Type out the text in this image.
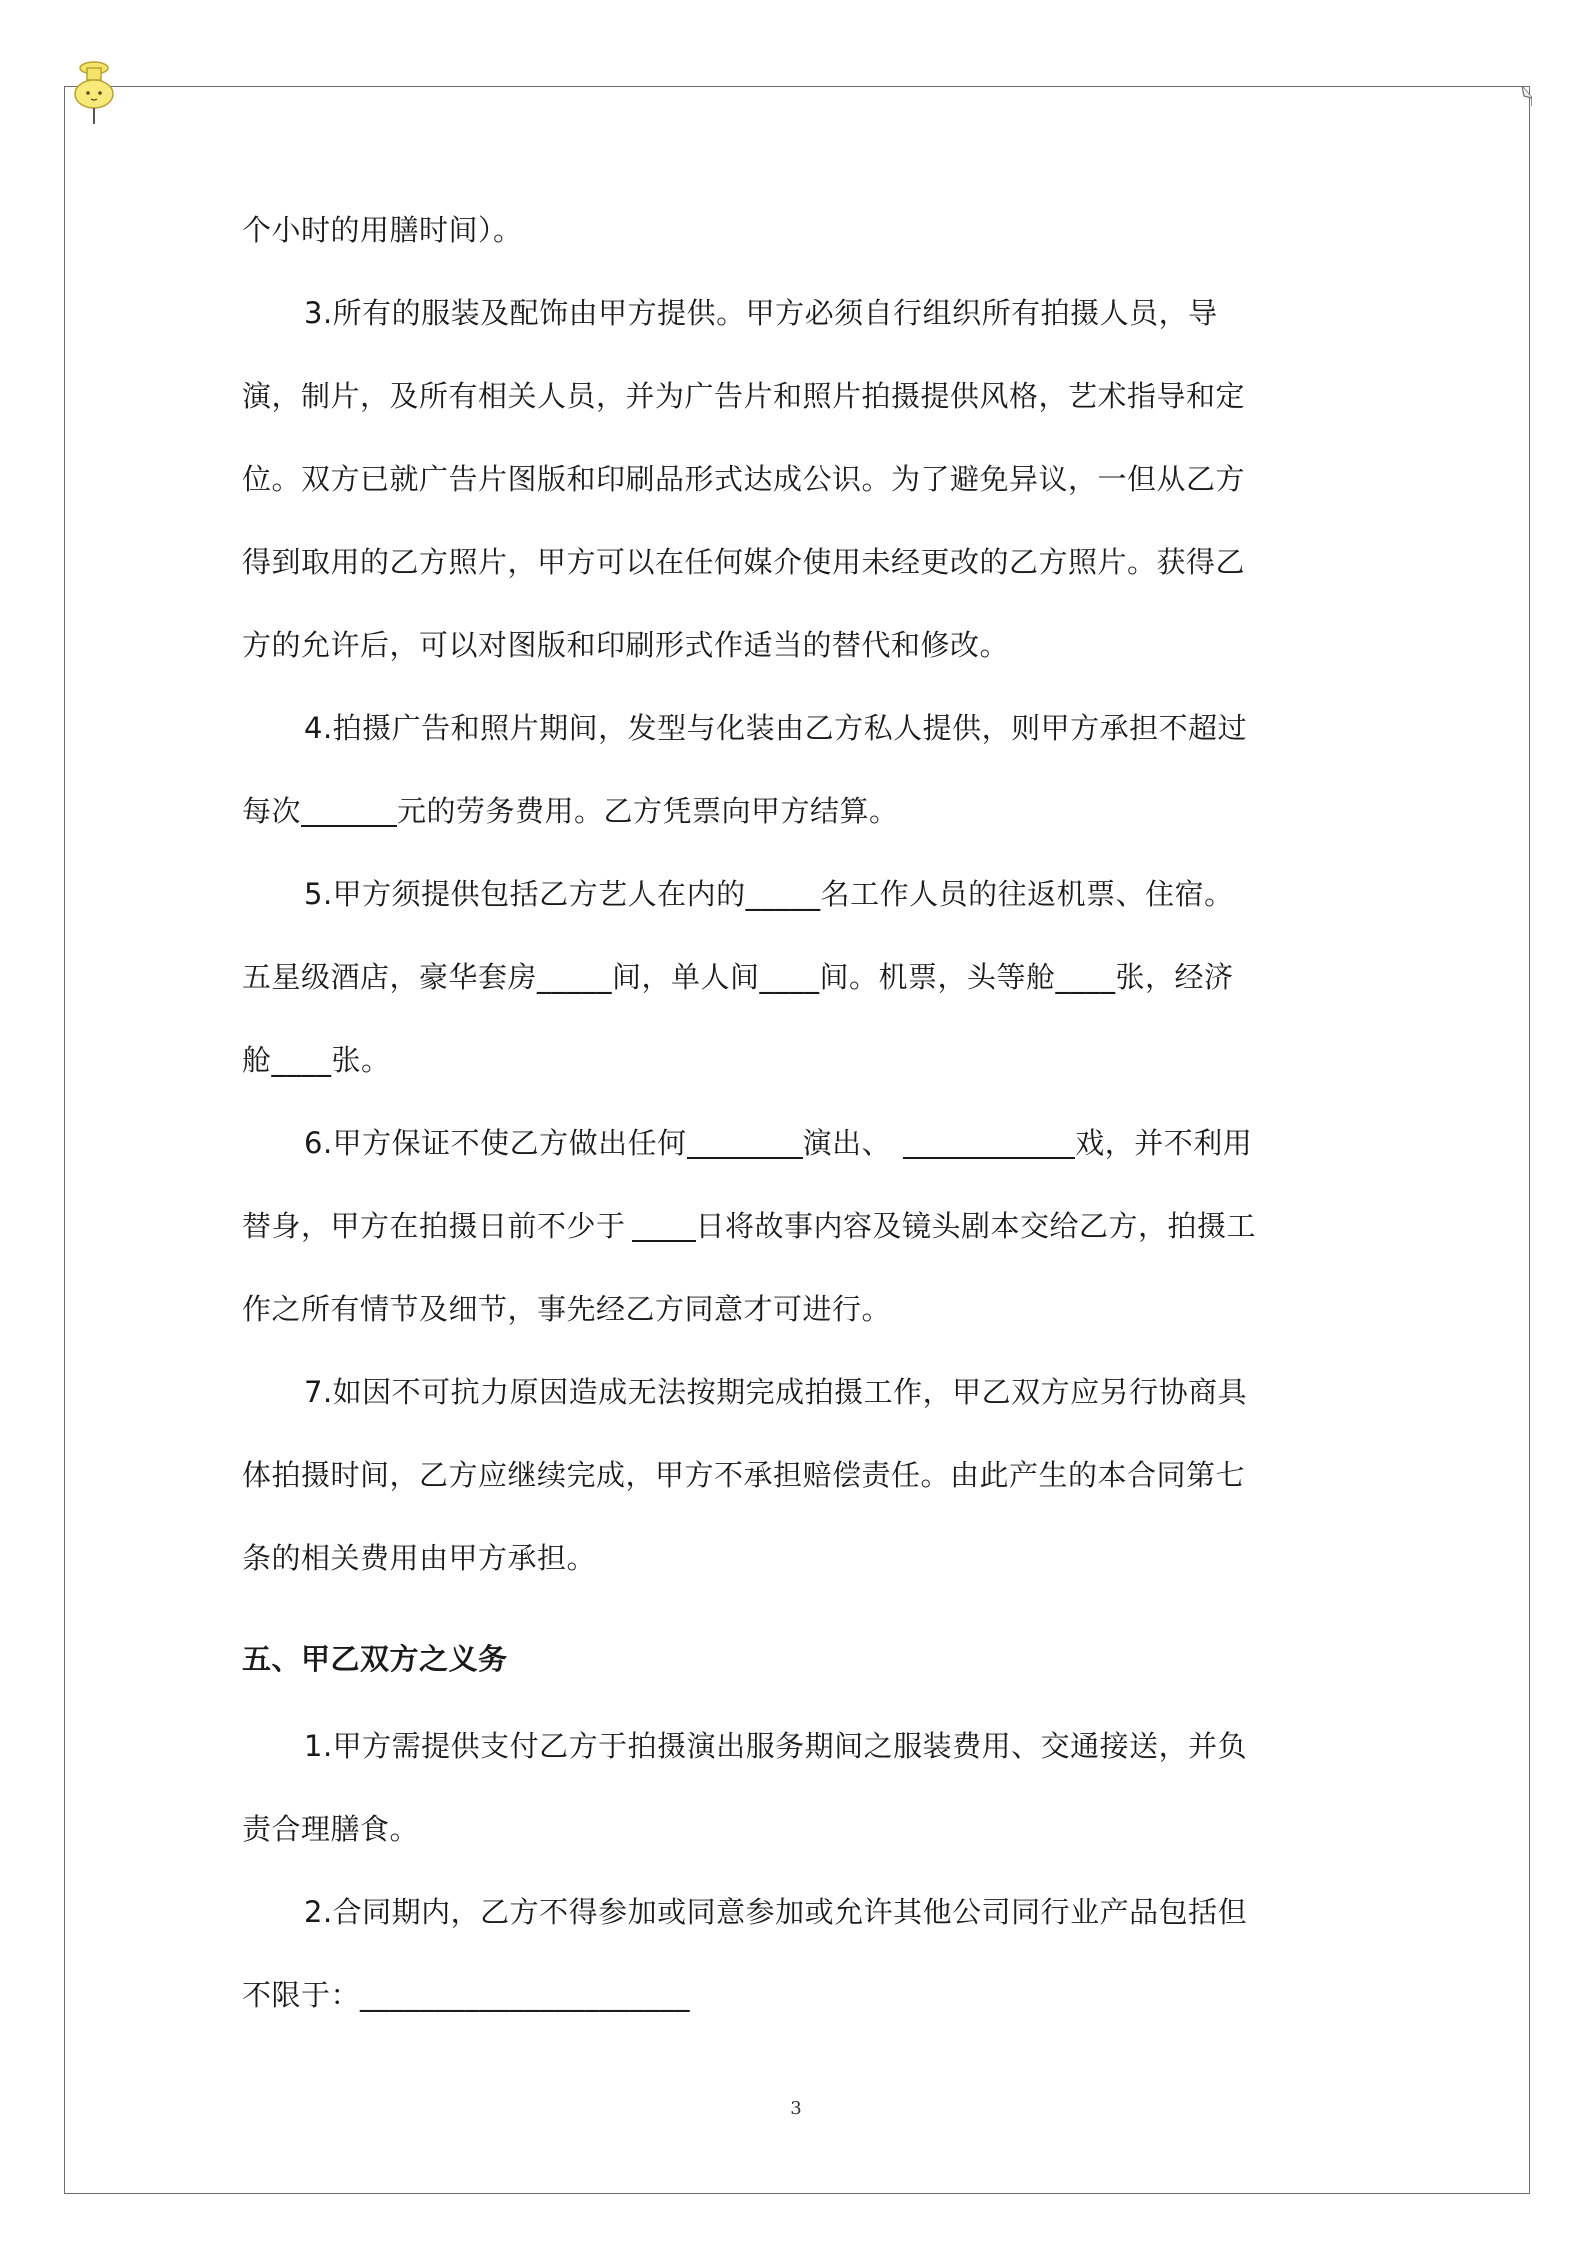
个小时的用膳时间）。
3.所有的服装及配饰由甲方提供。甲方必须自行组织所有拍摄人员，导
演，制片，及所有相关人员，并为广告片和照片拍摄提供风格，艺术指导和定
位。双方已就广告片图版和印刷品形式达成公识。为了避免异议，一但从乙方
得到取用的乙方照片，甲方可以在任何媒介使用未经更改的乙方照片。获得乙
方的允许后，可以对图版和印刷形式作适当的替代和修改。
4.拍摄广告和照片期间，发型与化装由乙方私人提供，则甲方承担不超过
每次	元的劳务费用。乙方凭票向甲方结算。
5.甲方须提供包括乙方艺人在内的_____名工作人员的往返机票、住宿。
五星级酒店，豪华套房_____间，单人间____间。机票，头等舱____张，经济
舱____张。
6.甲方保证不使乙方做出任何	演出、	戏，并不利用
替身，甲方在拍摄日前不少于 日将故事内容及镜头剧本交给乙方，拍摄工
作之所有情节及细节，事先经乙方同意才可进行。
7.如因不可抗力原因造成无法按期完成拍摄工作，甲乙双方应另行协商具
体拍摄时间，乙方应继续完成，甲方不承担赔偿责任。由此产生的本合同第七
条的相关费用由甲方承担。
五、甲乙双方之义务
1.甲方需提供支付乙方于拍摄演出服务期间之服装费用、交通接送，并负
责合理膳食。
2.合同期内，乙方不得参加或同意参加或允许其他公司同行业产品包括但
不限于：______________________
3
